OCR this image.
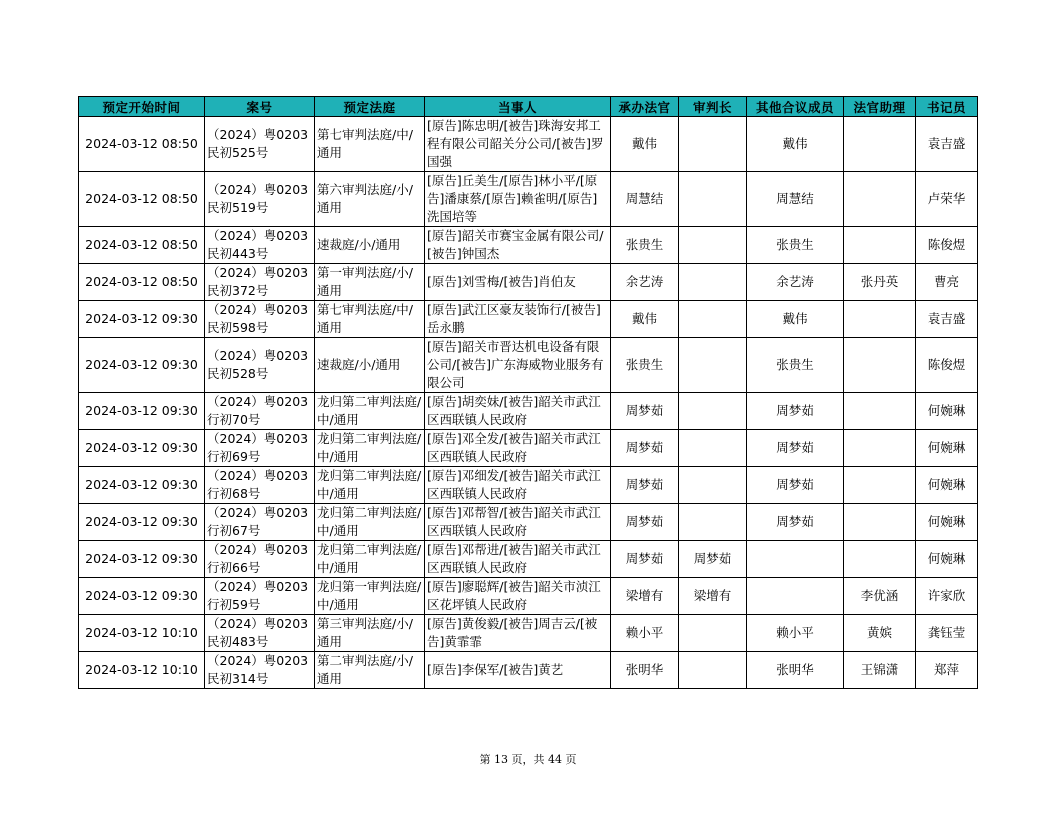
预定开始时间	案号	预定法庭	当事人	承办法官	审判长	其他合议成员	法官助理	书记员
2024-03-12 08:50	（2024）粤0203民初525号	第七审判法庭/中/通用	[原告]陈忠明/[被告]珠海安邦工程有限公司韶关分公司/[被告]罗国强	戴伟		戴伟		袁吉盛
2024-03-12 08:50	（2024）粤0203民初519号	第六审判法庭/小/通用	[原告]丘美生/[原告]林小平/[原告]潘康蔡/[原告]赖雀明/[原告]洗国培等	周慧结		周慧结		卢荣华
2024-03-12 08:50	（2024）粤0203民初443号	速裁庭/小/通用	[原告]韶关市赛宝金属有限公司/[被告]钟国杰	张贵生		张贵生		陈俊煜
2024-03-12 08:50	（2024）粤0203民初372号	第一审判法庭/小/通用	[原告]刘雪梅/[被告]肖伯友	余艺涛		余艺涛	张丹英	曹亮
2024-03-12 09:30	（2024）粤0203民初598号	第七审判法庭/中/通用	[原告]武江区豪友装饰行/[被告]岳永鹏	戴伟		戴伟		袁吉盛
2024-03-12 09:30	（2024）粤0203民初528号	速裁庭/小/通用	[原告]韶关市晋达机电设备有限公司/[被告]广东海威物业服务有限公司	张贵生		张贵生		陈俊煜
2024-03-12 09:30	（2024）粤0203行初70号	龙归第二审判法庭/中/通用	[原告]胡奕妹/[被告]韶关市武江区西联镇人民政府	周梦茹		周梦茹		何婉琳
2024-03-12 09:30	（2024）粤0203行初69号	龙归第二审判法庭/中/通用	[原告]邓全发/[被告]韶关市武江区西联镇人民政府	周梦茹		周梦茹		何婉琳
2024-03-12 09:30	（2024）粤0203行初68号	龙归第二审判法庭/中/通用	[原告]邓细发/[被告]韶关市武江区西联镇人民政府	周梦茹		周梦茹		何婉琳
2024-03-12 09:30	（2024）粤0203行初67号	龙归第二审判法庭/中/通用	[原告]邓帮智/[被告]韶关市武江区西联镇人民政府	周梦茹		周梦茹		何婉琳
2024-03-12 09:30	（2024）粤0203行初66号	龙归第二审判法庭/中/通用	[原告]邓帮进/[被告]韶关市武江区西联镇人民政府	周梦茹	周梦茹			何婉琳
2024-03-12 09:30	（2024）粤0203行初59号	龙归第一审判法庭/中/通用	[原告]廖聪辉/[被告]韶关市浈江区花坪镇人民政府	梁增有	梁增有		李优涵	许家欣
2024-03-12 10:10	（2024）粤0203民初483号	第三审判法庭/小/通用	[原告]黄俊毅/[被告]周吉云/[被告]黄霏霏	赖小平		赖小平	黄嫔	龚钰莹
2024-03-12 10:10	（2024）粤0203民初314号	第二审判法庭/小/通用	[原告]李保军/[被告]黄艺	张明华		张明华	王锦潇	郑萍
第 13 页，共 44 页
